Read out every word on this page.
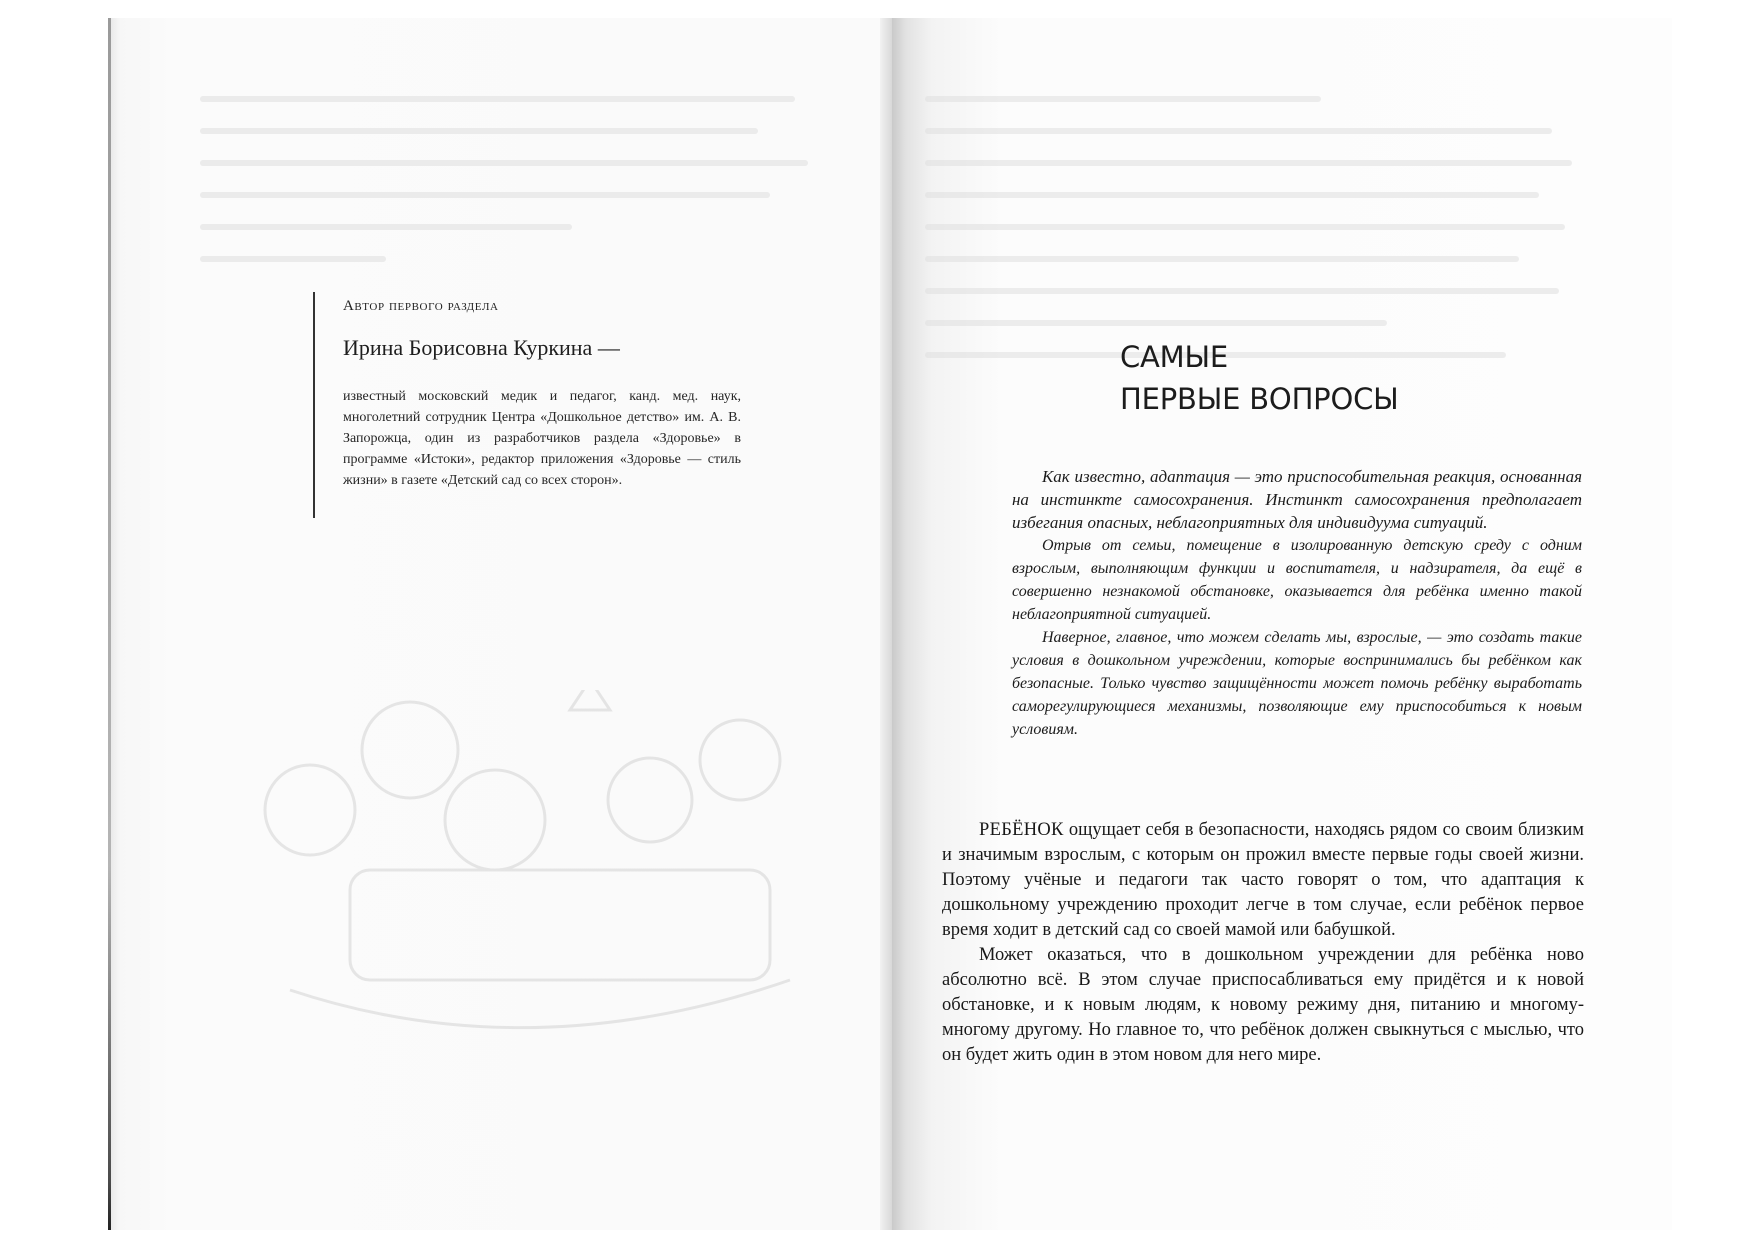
Автор первого раздела
Ирина Борисовна Куркина —
известный московский медик и педагог, канд. мед. наук, многолетний сотрудник Центра «Дошкольное детство» им. А. В. Запорожца, один из разработчиков раздела «Здоровье» в программе «Истоки», редактор приложения «Здоровье — стиль жизни» в газете «Детский сад со всех сторон».
САМЫЕ
ПЕРВЫЕ ВОПРОСЫ

Как известно, адаптация — это приспособительная реакция, основанная на инстинкте самосохранения. Инстинкт самосохранения предполагает избегания опасных, неблагоприятных для индивидуума ситуаций.

Отрыв от семьи, помещение в изолированную детскую среду с одним взрослым, выполняющим функции и воспитателя, и надзирателя, да ещё в совершенно незнакомой обстановке, оказывается для ребёнка именно такой неблагоприятной ситуацией.

Наверное, главное, что можем сделать мы, взрослые, — это создать такие условия в дошкольном учреждении, которые воспринимались бы ребёнком как безопасные. Только чувство защищённости может помочь ребёнку выработать саморегулирующиеся механизмы, позволяющие ему приспособиться к новым условиям.

РЕБЁНОК ощущает себя в безопасности, находясь рядом со своим близким и значимым взрослым, с которым он прожил вместе первые годы своей жизни. Поэтому учёные и педагоги так часто говорят о том, что адаптация к дошкольному учреждению проходит легче в том случае, если ребёнок первое время ходит в детский сад со своей мамой или бабушкой.

Может оказаться, что в дошкольном учреждении для ребёнка ново абсолютно всё. В этом случае приспосабливаться ему придётся и к новой обстановке, и к новым людям, к новому режиму дня, питанию и многому-многому другому. Но главное то, что ребёнок должен свыкнуться с мыслью, что он будет жить один в этом новом для него мире.
